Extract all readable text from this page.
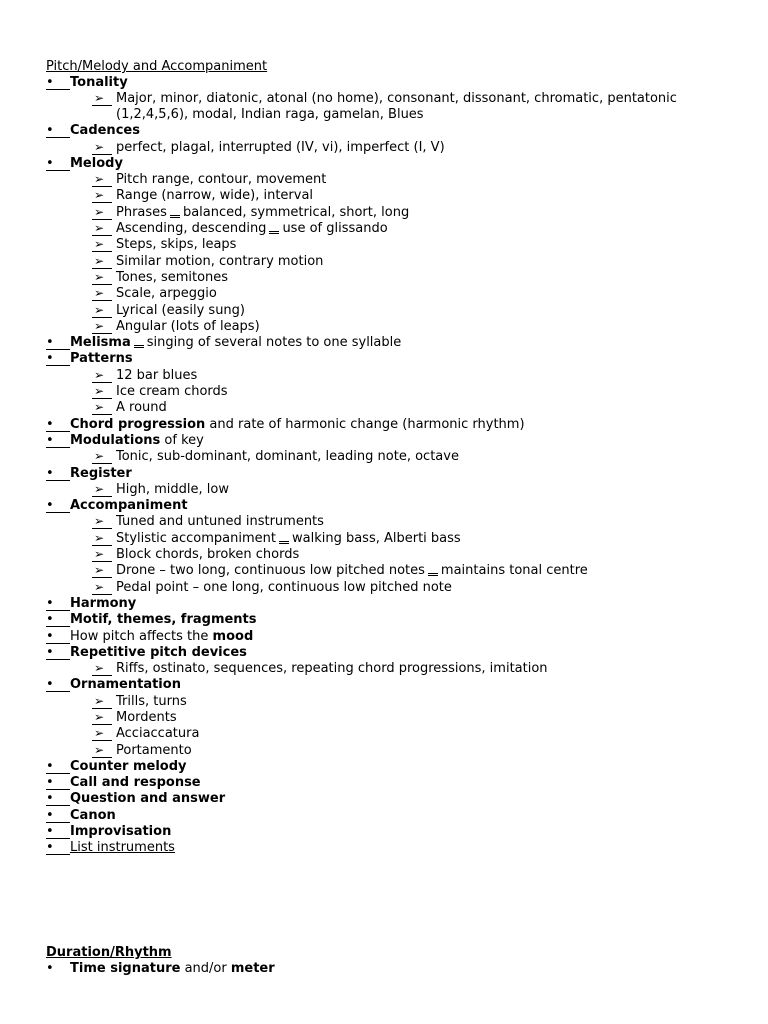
Pitch/Melody and Accompaniment
•
Tonality
➢
Major, minor, diatonic, atonal (no home), consonant, dissonant, chromatic, pentatonic (1,2,4,5,6), modal, Indian raga, gamelan, Blues
•
Cadences
➢
perfect, plagal, interrupted (IV, vi), imperfect (I, V)
•
Melody
➢
Pitch range, contour, movement
➢
Range (narrow, wide), interval
➢
Phrases balanced, symmetrical, short, long
➢
Ascending, descending use of glissando
➢
Steps, skips, leaps
➢
Similar motion, contrary motion
➢
Tones, semitones
➢
Scale, arpeggio
➢
Lyrical (easily sung)
➢
Angular (lots of leaps)
•
Melisma singing of several notes to one syllable
•
Patterns
➢
12 bar blues
➢
Ice cream chords
➢
A round
•
Chord progression and rate of harmonic change (harmonic rhythm)
•
Modulations of key
➢
Tonic, sub-dominant, dominant, leading note, octave
•
Register
➢
High, middle, low
•
Accompaniment
➢
Tuned and untuned instruments
➢
Stylistic accompaniment walking bass, Alberti bass
➢
Block chords, broken chords
➢
Drone – two long, continuous low pitched notes maintains tonal centre
➢
Pedal point – one long, continuous low pitched note
•
Harmony
•
Motif, themes, fragments
•
How pitch affects the mood
•
Repetitive pitch devices
➢
Riffs, ostinato, sequences, repeating chord progressions, imitation
•
Ornamentation
➢
Trills, turns
➢
Mordents
➢
Acciaccatura
➢
Portamento
•
Counter melody
•
Call and response
•
Question and answer
•
Canon
•
Improvisation
•
List instruments
Duration/Rhythm
•
Time signature and/or meter
